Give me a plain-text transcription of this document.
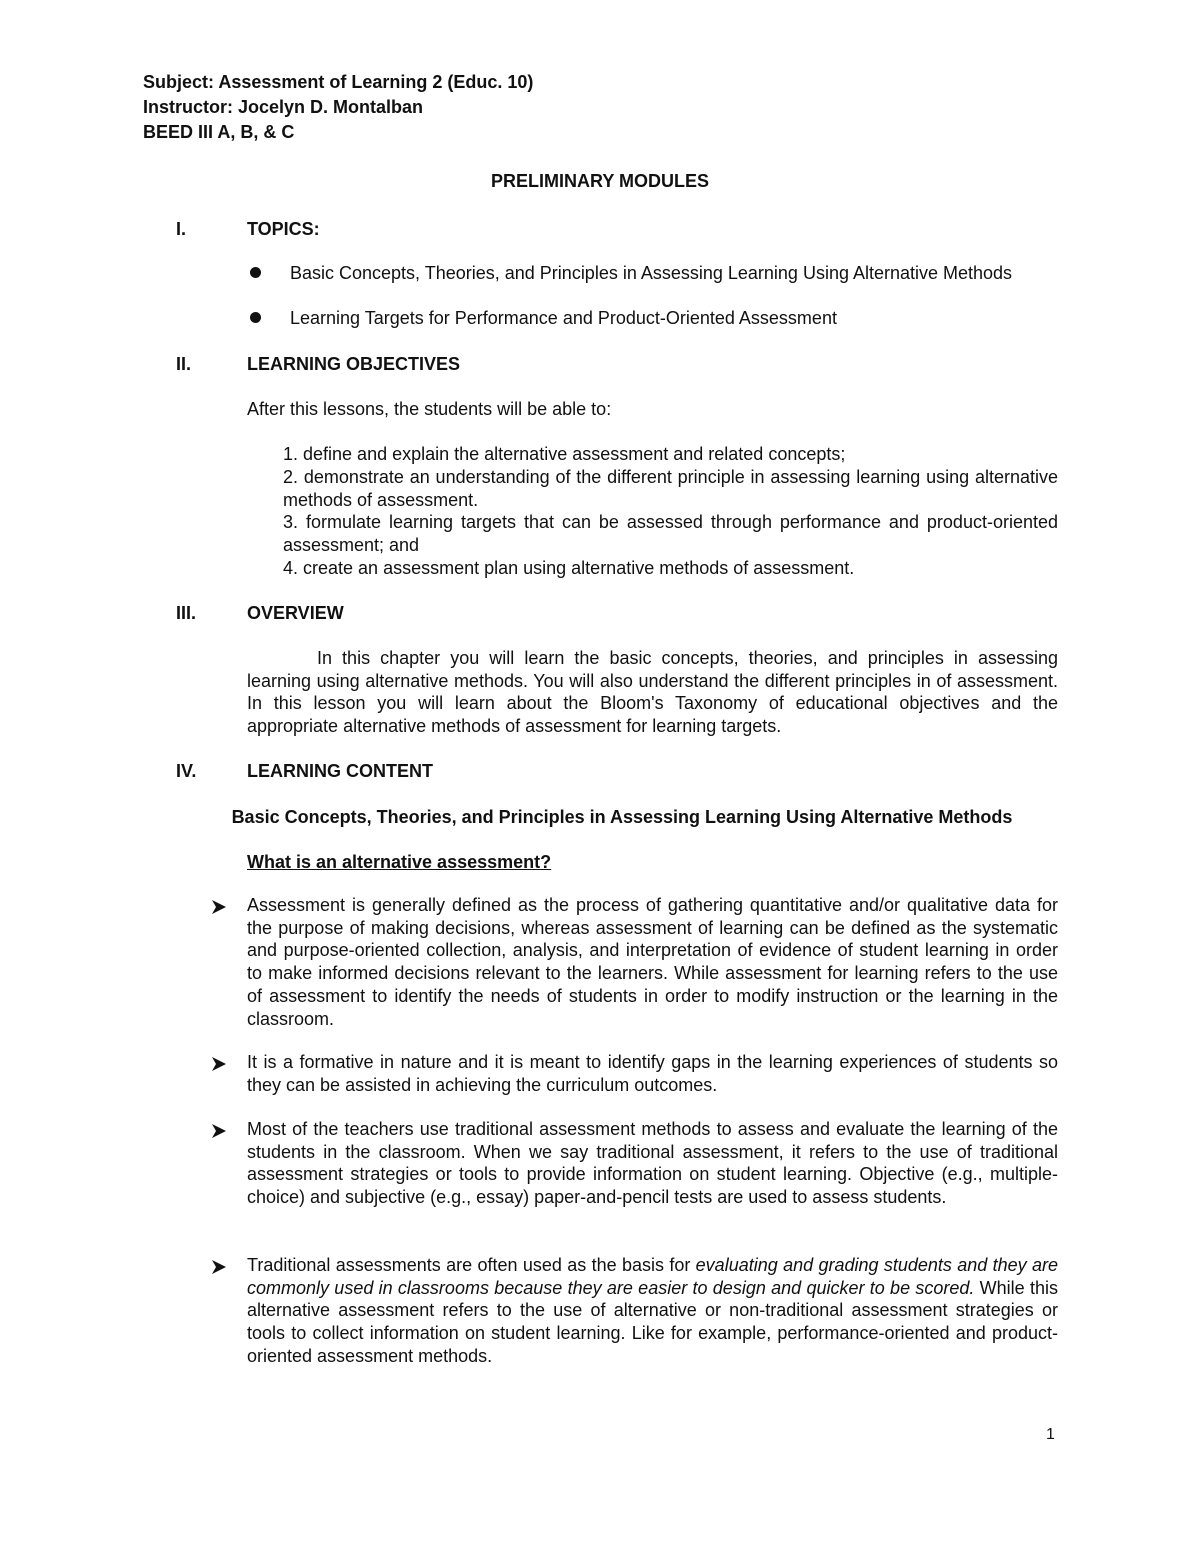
Subject: Assessment of Learning 2 (Educ. 10)
Instructor: Jocelyn D. Montalban
BEED III A, B, & C
PRELIMINARY MODULES
I.	TOPICS:
Basic Concepts, Theories, and Principles in Assessing Learning Using Alternative Methods
Learning Targets for Performance and Product-Oriented Assessment
II.	LEARNING OBJECTIVES
After this lessons, the students will be able to:
1. define and explain the alternative assessment and related concepts;
2. demonstrate an understanding of the different principle in assessing learning using alternative methods of assessment.
3. formulate learning targets that can be assessed through performance and product-oriented assessment; and
4. create an assessment plan using alternative methods of assessment.
III.	OVERVIEW
In this chapter you will learn the basic concepts, theories, and principles in assessing learning using alternative methods. You will also understand the different principles in of assessment. In this lesson you will learn about the Bloom's Taxonomy of educational objectives and the appropriate alternative methods of assessment for learning targets.
IV.	LEARNING CONTENT
Basic Concepts, Theories, and Principles in Assessing Learning Using Alternative Methods
What is an alternative assessment?
Assessment is generally defined as the process of gathering quantitative and/or qualitative data for the purpose of making decisions, whereas assessment of learning can be defined as the systematic and purpose-oriented collection, analysis, and interpretation of evidence of student learning in order to make informed decisions relevant to the learners. While assessment for learning refers to the use of assessment to identify the needs of students in order to modify instruction or the learning in the classroom.
It is a formative in nature and it is meant to identify gaps in the learning experiences of students so they can be assisted in achieving the curriculum outcomes.
Most of the teachers use traditional assessment methods to assess and evaluate the learning of the students in the classroom. When we say traditional assessment, it refers to the use of traditional assessment strategies or tools to provide information on student learning. Objective (e.g., multiple-choice) and subjective (e.g., essay) paper-and-pencil tests are used to assess students.
Traditional assessments are often used as the basis for evaluating and grading students and they are commonly used in classrooms because they are easier to design and quicker to be scored. While this alternative assessment refers to the use of alternative or non-traditional assessment strategies or tools to collect information on student learning. Like for example, performance-oriented and product-oriented assessment methods.
1
